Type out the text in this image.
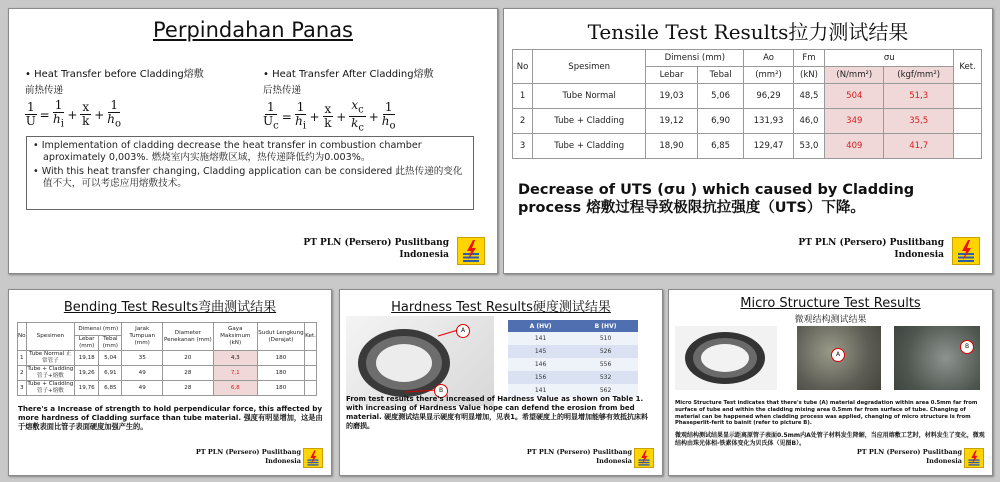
Perpindahan Panas
• Heat Transfer before Cladding熔敷
前热传递
$\frac{1}{U} = \frac{1}{h_i} + \frac{x}{k} + \frac{1}{h_o}$
• Heat Transfer After Cladding熔敷
后热传递
$\frac{1}{U_c} = \frac{1}{h_i} + \frac{x}{k} + \frac{x_c}{k_c} + \frac{1}{h_o}$

• Implementation of cladding decrease the heat transfer in combustion chamber aproximately 0,003%. 燃烧室内实施熔敷区域，热传递降低约为0.003%。

• With this heat transfer changing, Cladding application can be considered 此热传递的变化值不大，可以考虑应用熔敷技术。

PT PLN (Persero) Puslitbang
Indonesia
Tensile Test Results拉力测试结果
No	Spesimen	Dimensi (mm)		Ao	Fm	σu		Ket.
		Lebar	Tebal	(mm²)	(kN)	(N/mm²)	(kgf/mm²)	
1	Tube Normal	19,03	5,06	96,29	48,5	504	51,3	
2	Tube + Cladding	19,12	6,90	131,93	46,0	349	35,5	
3	Tube + Cladding	18,90	6,85	129,47	53,0	409	41,7	
Decrease of UTS (σu ) which caused by Cladding process 熔敷过程导致极限抗拉强度（UTS）下降。
PT PLN (Persero) Puslitbang
Indonesia
Bending Test Results弯曲测试结果
No	Spesimen	Dimensi (mm)		Jarak Tumpuan (mm)	Diameter Penekanan (mm)	Gaya Maksimum (kN)	Sudut Lengkung (Derajat)	Ket.
		Lebar (mm)	Tebal (mm)					
1	Tube Normal 正常管子	19,18	5,04	35	20	4,3	180	
2	Tube + Cladding 管子+熔敷	19,26	6,91	49	28	7,1	180	
3	Tube + Cladding 管子+熔敷	19,76	6,85	49	28	6,8	180	
There's a Increase of strength to hold perpendicular force, this affected by more hardness of Cladding surface than tube material. 强度有明显增加，这是由于熔敷表面比管子表面硬度加强产生的。
PT PLN (Persero) Puslitbang
Indonesia
Hardness Test Results硬度测试结果
A
B
A (HV)	B (HV)
141	510
145	526
146	556
156	532
141	562
From test results there's increased of Hardness Value as shown on Table 1. with increasing of Hardness Value hope can defend the erosion from bed material. 硬度测试结果显示硬度有明显增加，见表1。希望硬度上的明显增加能够有效抵抗床料的磨损。
PT PLN (Persero) Puslitbang
Indonesia
Micro Structure Test Results
微观结构测试结果
A
B
Micro Structure Test indicates that there's tube (A) material degradation within area 0.5mm far from surface of tube and within the cladding mixing area 0.5mm far from surface of tube. Changing of material can be happened when cladding process was applied, changing of micro structure is from Phaseperlit-ferit to bainit (refer to picture B).
微观结构测试结果显示距离原管子表面0.5mm内A处管子材料发生降解，当应用熔敷工艺时，材料发生了变化，微观结构由珠光体相-铁素体变化为贝氏体（见图B）。
PT PLN (Persero) Puslitbang
Indonesia
